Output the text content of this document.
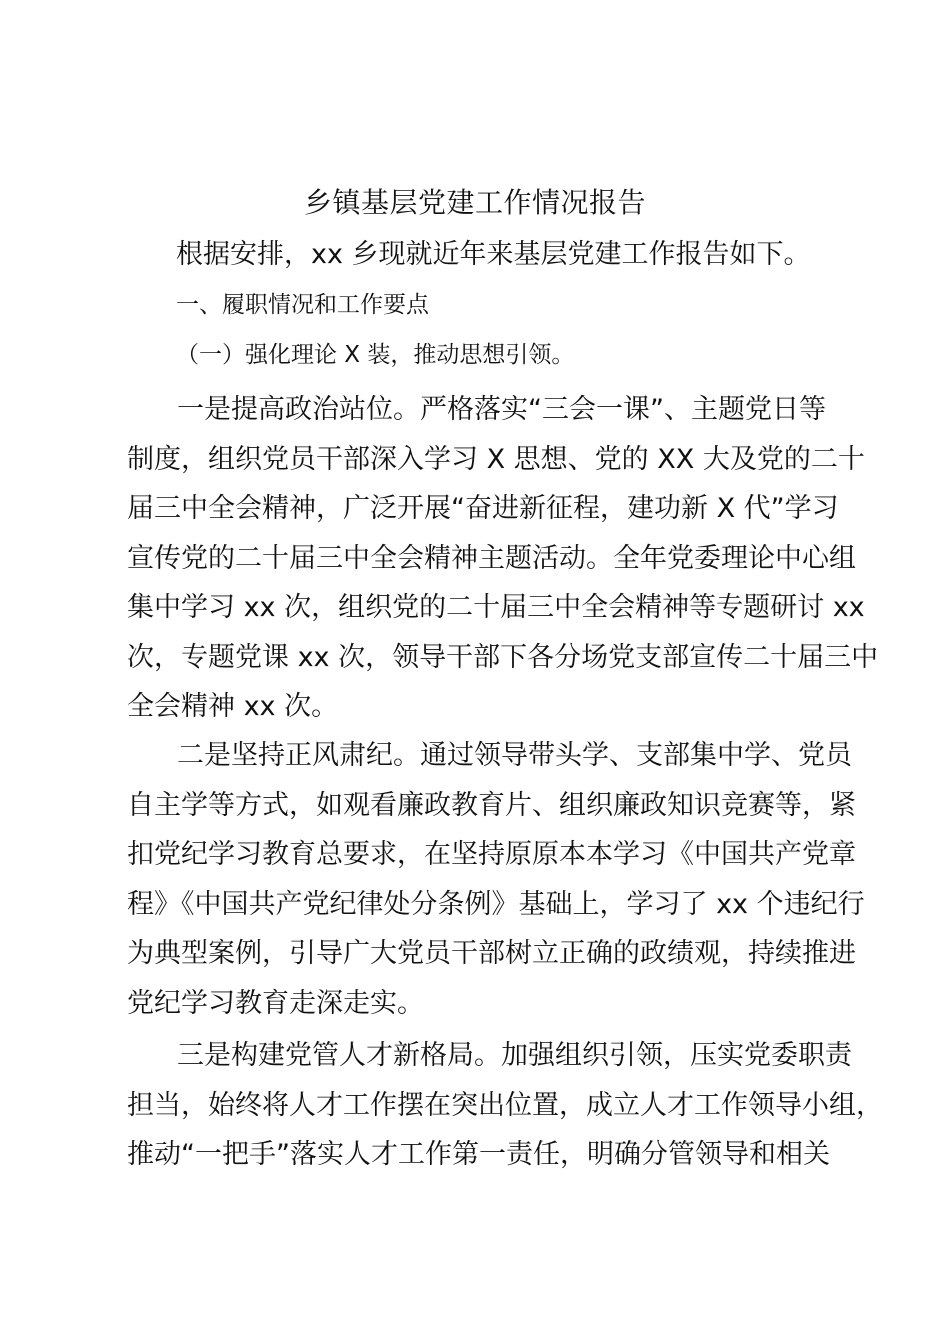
乡镇基层党建工作情况报告

根据安排，xx 乡现就近年来基层党建工作报告如下。

一、履职情况和工作要点

（一）强化理论 X 装，推动思想引领。

一是提高政治站位。严格落实“三会一课”、主题党日等
制度，组织党员干部深入学习 X 思想、党的 XX 大及党的二十
届三中全会精神，广泛开展“奋进新征程，建功新 X 代”学习
宣传党的二十届三中全会精神主题活动。全年党委理论中心组
集中学习 xx 次，组织党的二十届三中全会精神等专题研讨 xx
次，专题党课 xx 次，领导干部下各分场党支部宣传二十届三中
全会精神 xx 次。
二是坚持正风肃纪。通过领导带头学、支部集中学、党员
自主学等方式，如观看廉政教育片、组织廉政知识竞赛等，紧
扣党纪学习教育总要求，在坚持原原本本学习《中国共产党章
程》《中国共产党纪律处分条例》基础上，学习了 xx 个违纪行
为典型案例，引导广大党员干部树立正确的政绩观，持续推进
党纪学习教育走深走实。
三是构建党管人才新格局。加强组织引领，压实党委职责
担当，始终将人才工作摆在突出位置，成立人才工作领导小组，
推动“一把手”落实人才工作第一责任，明确分管领导和相关
